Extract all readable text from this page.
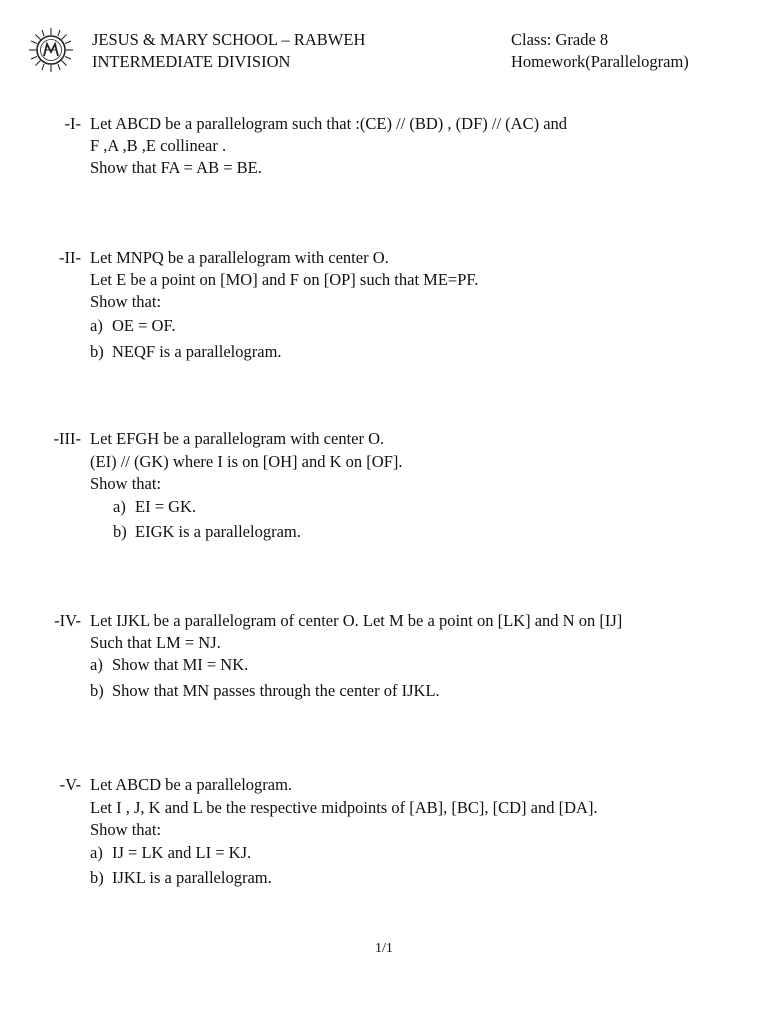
JESUS & MARY SCHOOL – RABWEH
INTERMEDIATE DIVISION
Class: Grade 8
Homework(Parallelogram)
-I- Let ABCD be a parallelogram such that :(CE) // (BD) , (DF) // (AC) and
F ,A ,B ,E collinear .
Show that FA = AB = BE.
-II- Let MNPQ be a parallelogram with center O.
Let E be a point on [MO] and F on [OP] such that ME=PF.
Show that:
a) OE = OF.
b) NEQF is a parallelogram.
-III- Let EFGH be a parallelogram with center O.
(EI) // (GK) where I is on [OH] and K on [OF].
Show that:
a) EI = GK.
b) EIGK is a parallelogram.
-IV- Let IJKL be a parallelogram of center O. Let M be a point on [LK] and N on [IJ]
Such that LM = NJ.
a) Show that MI = NK.
b) Show that MN passes through the center of IJKL.
-V- Let ABCD be a parallelogram.
Let I , J, K and L be the respective midpoints of [AB], [BC], [CD] and [DA].
Show that:
a) IJ = LK and LI = KJ.
b) IJKL is a parallelogram.
1/1
